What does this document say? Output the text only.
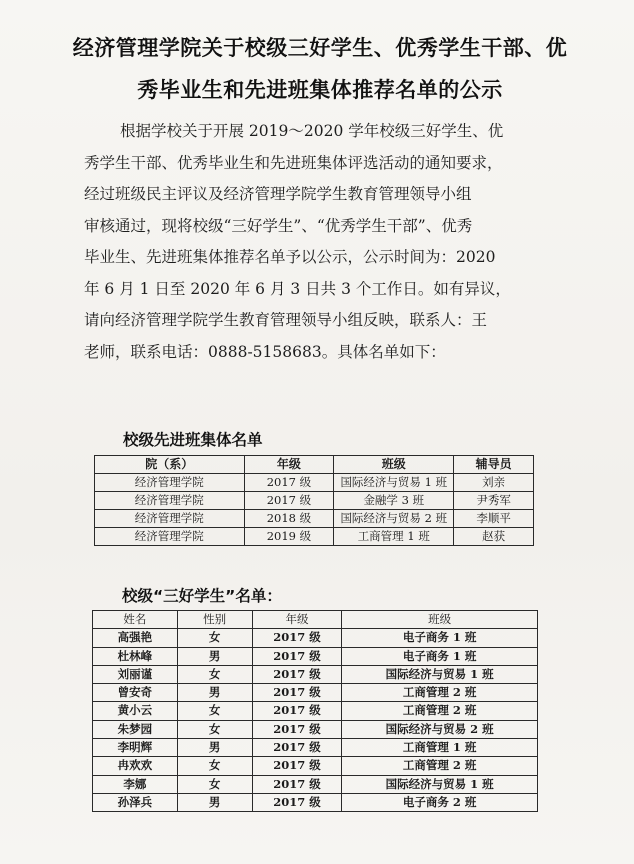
经济管理学院关于校级三好学生、优秀学生干部、优
秀毕业生和先进班集体推荐名单的公示

根据学校关于开展 2019～2020 学年校级三好学生、优

秀学生干部、优秀毕业生和先进班集体评选活动的通知要求，

经过班级民主评议及经济管理学院学生教育管理领导小组

审核通过，现将校级“三好学生”、“优秀学生干部”、优秀

毕业生、先进班集体推荐名单予以公示，公示时间为：2020

年 6 月 1 日至 2020 年 6 月 3 日共 3 个工作日。如有异议，

请向经济管理学院学生教育管理领导小组反映，联系人：王

老师，联系电话：0888-5158683。具体名单如下：

校级先进班集体名单
院（系）	年级	班级	辅导员
经济管理学院	2017 级	国际经济与贸易 1 班	刘亲
经济管理学院	2017 级	金融学 3 班	尹秀军
经济管理学院	2018 级	国际经济与贸易 2 班	李顺平
经济管理学院	2019 级	工商管理 1 班	赵获
校级“三好学生”名单：
姓名	性别	年级	班级
高强艳	女	2017 级	电子商务 1 班
杜林峰	男	2017 级	电子商务 1 班
刘丽谨	女	2017 级	国际经济与贸易 1 班
曾安奇	男	2017 级	工商管理 2 班
黄小云	女	2017 级	工商管理 2 班
朱梦园	女	2017 级	国际经济与贸易 2 班
李明辉	男	2017 级	工商管理 1 班
冉欢欢	女	2017 级	工商管理 2 班
李娜	女	2017 级	国际经济与贸易 1 班
孙泽兵	男	2017 级	电子商务 2 班
